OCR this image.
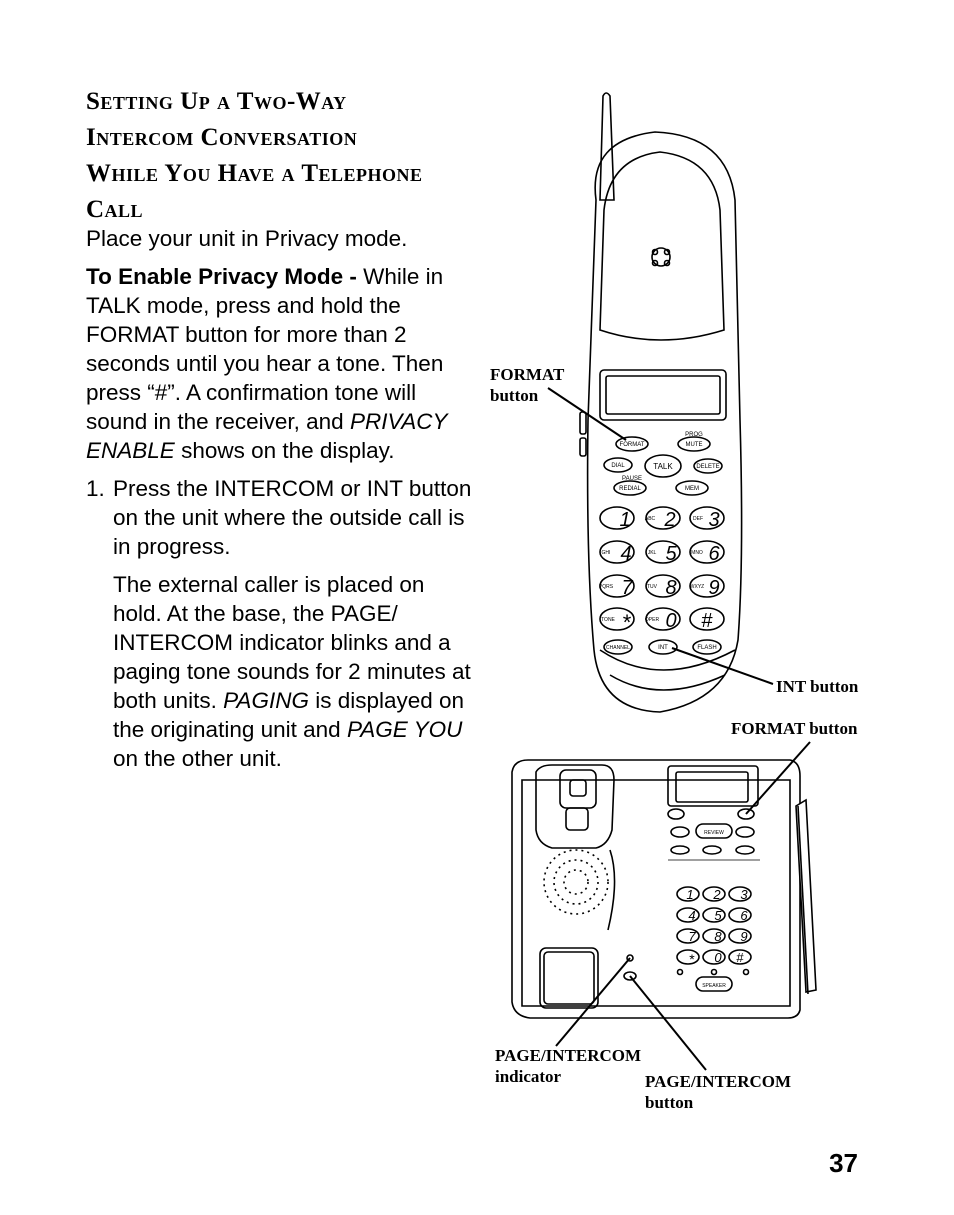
Setting Up a Two-Way
Intercom Conversation
While You Have a Telephone
Call

Place your unit in Privacy mode.

To Enable Privacy Mode - While in TALK mode, press and hold the FORMAT button for more than 2 seconds until you hear a tone. Then press “#”. A confirmation tone will sound in the receiver, and PRIVACY ENABLE shows on the display.

1. Press the INTERCOM or INT button on the unit where the outside call is in progress.
The external caller is placed on hold. At the base, the PAGE/ INTERCOM indicator blinks and a paging tone sounds for 2 minutes at both units. PAGING is displayed on the originating unit and PAGE YOU on the other unit.
FORMAT
PROG
MUTE
DIAL	TALK	DELETE
PAUSE
REDIAL	MEM
1	ABC 2	DEF 3
GHI 4	JKL 5	MNO 6
PQRS 7	TUV 8	WXYZ 9
TONE *	OPER 0 #
CHANNEL	INT	FLASH
REVIEW
SPEAKER
1 2 3
4 5 6
7 8 9
* 0 #
FORMAT
button
INT button
FORMAT button
PAGE/INTERCOM
indicator	PAGE/INTERCOM
button
37
